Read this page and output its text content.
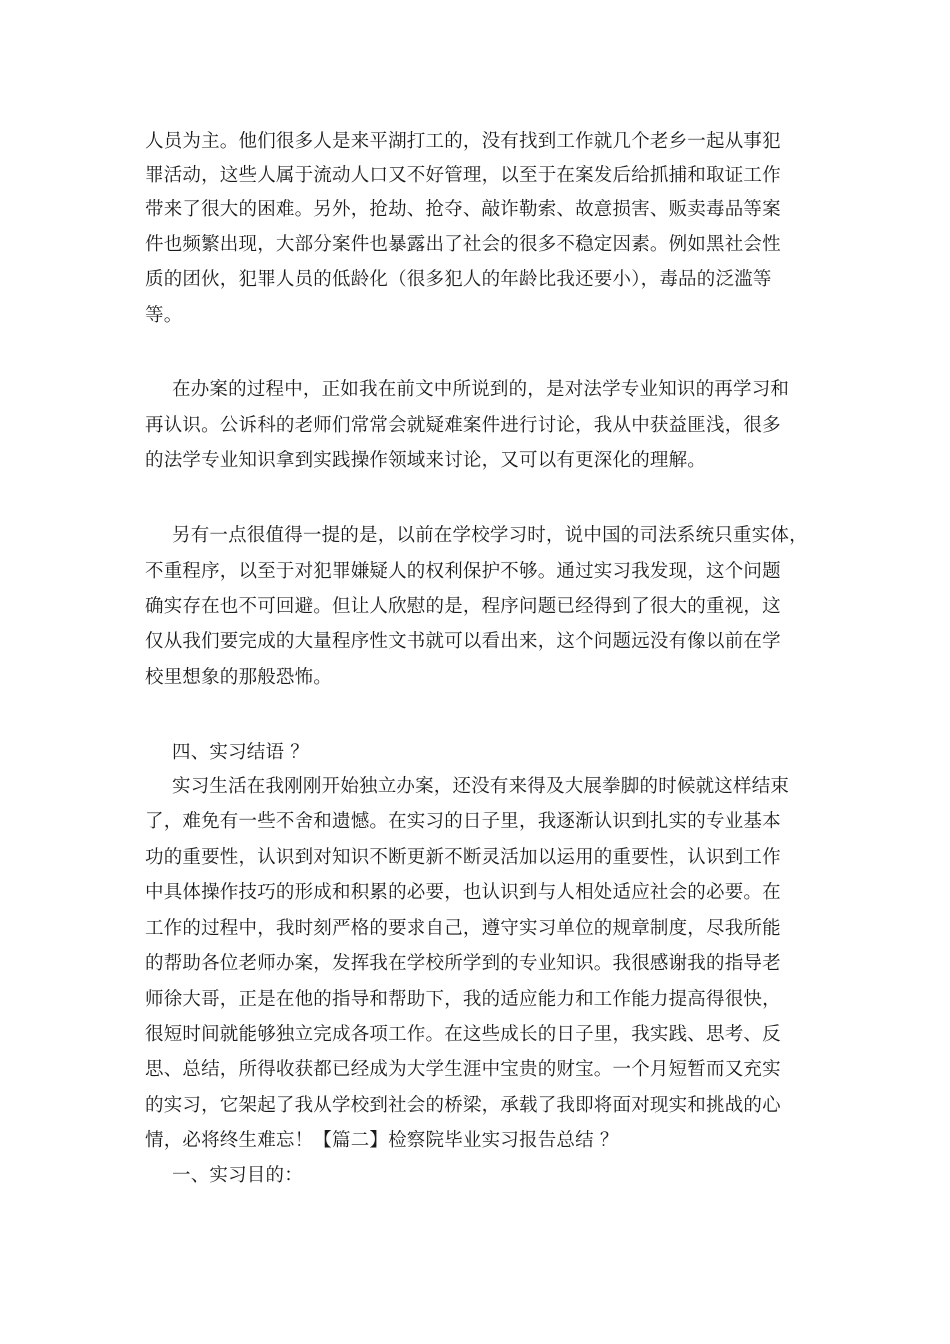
人员为主。他们很多人是来平湖打工的，没有找到工作就几个老乡一起从事犯
罪活动，这些人属于流动人口又不好管理，以至于在案发后给抓捕和取证工作
带来了很大的困难。另外，抢劫、抢夺、敲诈勒索、故意损害、贩卖毒品等案
件也频繁出现，大部分案件也暴露出了社会的很多不稳定因素。例如黑社会性
质的团伙，犯罪人员的低龄化（很多犯人的年龄比我还要小），毒品的泛滥等
等。
在办案的过程中，正如我在前文中所说到的，是对法学专业知识的再学习和
再认识。公诉科的老师们常常会就疑难案件进行讨论，我从中获益匪浅，很多
的法学专业知识拿到实践操作领域来讨论，又可以有更深化的理解。
另有一点很值得一提的是，以前在学校学习时，说中国的司法系统只重实体，
不重程序，以至于对犯罪嫌疑人的权利保护不够。通过实习我发现，这个问题
确实存在也不可回避。但让人欣慰的是，程序问题已经得到了很大的重视，这
仅从我们要完成的大量程序性文书就可以看出来，这个问题远没有像以前在学
校里想象的那般恐怖。
四、实习结语 ？
实习生活在我刚刚开始独立办案，还没有来得及大展拳脚的时候就这样结束
了，难免有一些不舍和遗憾。在实习的日子里，我逐渐认识到扎实的专业基本
功的重要性，认识到对知识不断更新不断灵活加以运用的重要性，认识到工作
中具体操作技巧的形成和积累的必要，也认识到与人相处适应社会的必要。在
工作的过程中，我时刻严格的要求自己，遵守实习单位的规章制度，尽我所能
的帮助各位老师办案，发挥我在学校所学到的专业知识。我很感谢我的指导老
师徐大哥，正是在他的指导和帮助下，我的适应能力和工作能力提高得很快，
很短时间就能够独立完成各项工作。在这些成长的日子里，我实践、思考、反
思、总结，所得收获都已经成为大学生涯中宝贵的财宝。一个月短暂而又充实
的实习，它架起了我从学校到社会的桥梁，承载了我即将面对现实和挑战的心
情，必将终生难忘！【篇二】检察院毕业实习报告总结 ？
一、实习目的：
